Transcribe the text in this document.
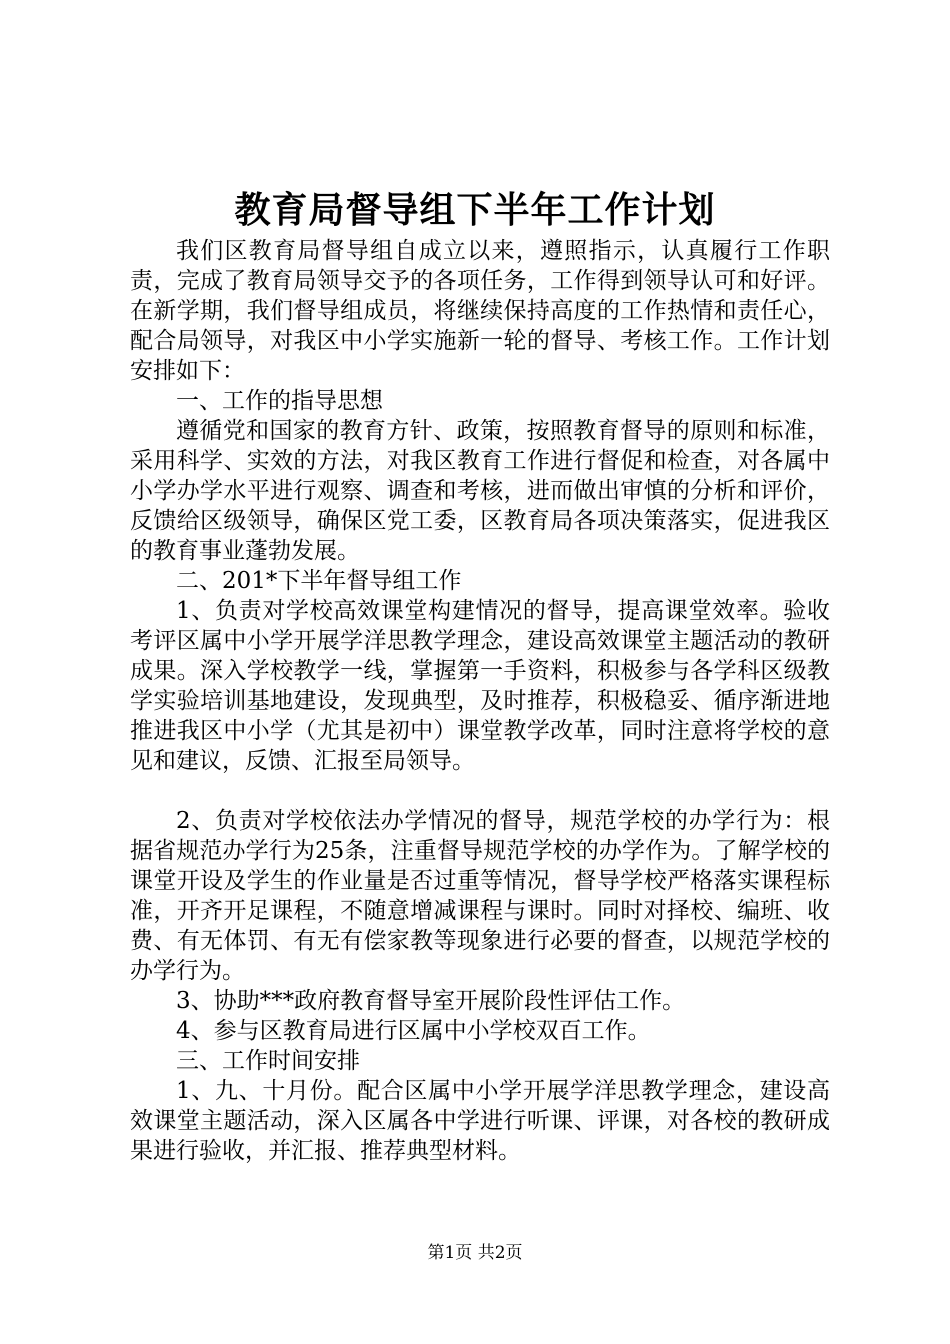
教育局督导组下半年工作计划

我们区教育局督导组自成立以来，遵照指示，认真履行工作职责，完成了教育局领导交予的各项任务，工作得到领导认可和好评。在新学期，我们督导组成员，将继续保持高度的工作热情和责任心，配合局领导，对我区中小学实施新一轮的督导、考核工作。工作计划安排如下：

一、工作的指导思想

遵循党和国家的教育方针、政策，按照教育督导的原则和标准，采用科学、实效的方法，对我区教育工作进行督促和检查，对各属中小学办学水平进行观察、调查和考核，进而做出审慎的分析和评价，反馈给区级领导，确保区党工委，区教育局各项决策落实，促进我区的教育事业蓬勃发展。

二、201*下半年督导组工作

1、负责对学校高效课堂构建情况的督导，提高课堂效率。验收考评区属中小学开展学洋思教学理念，建设高效课堂主题活动的教研成果。深入学校教学一线，掌握第一手资料，积极参与各学科区级教学实验培训基地建设，发现典型，及时推荐，积极稳妥、循序渐进地推进我区中小学（尤其是初中）课堂教学改革，同时注意将学校的意见和建议，反馈、汇报至局领导。

2、负责对学校依法办学情况的督导，规范学校的办学行为：根据省规范办学行为25条，注重督导规范学校的办学作为。了解学校的课堂开设及学生的作业量是否过重等情况，督导学校严格落实课程标准，开齐开足课程，不随意增减课程与课时。同时对择校、编班、收费、有无体罚、有无有偿家教等现象进行必要的督查，以规范学校的办学行为。

3、协助***政府教育督导室开展阶段性评估工作。

4、参与区教育局进行区属中小学校双百工作。

三、工作时间安排

1、九、十月份。配合区属中小学开展学洋思教学理念，建设高效课堂主题活动，深入区属各中学进行听课、评课，对各校的教研成果进行验收，并汇报、推荐典型材料。

第1页 共2页
